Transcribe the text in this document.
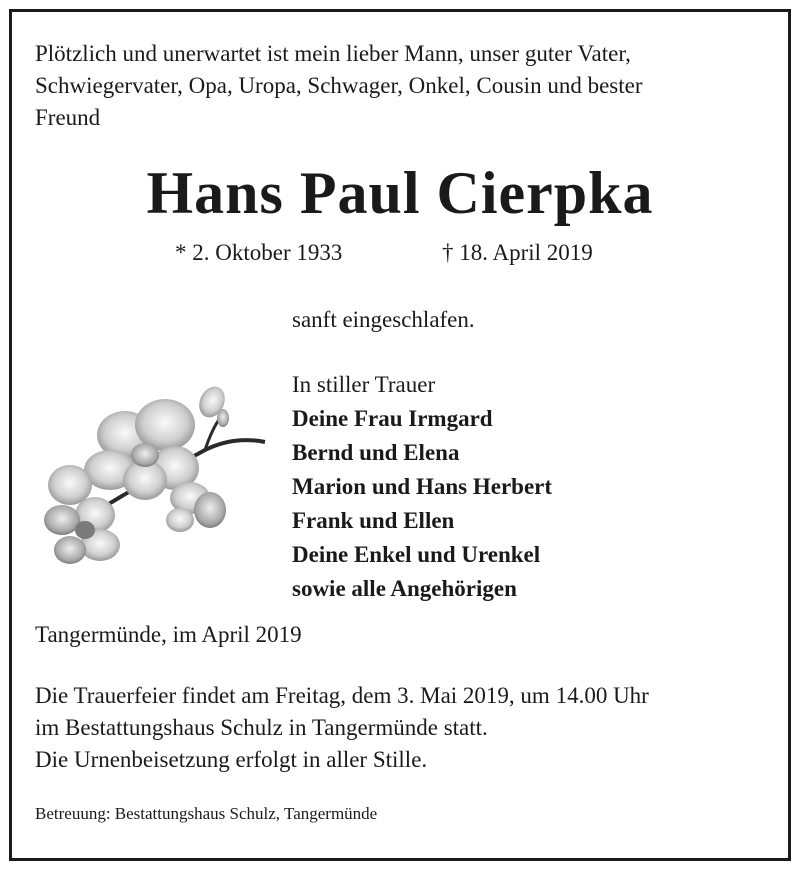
Plötzlich und unerwartet ist mein lieber Mann, unser guter Vater,
Schwiegervater, Opa, Uropa, Schwager, Onkel, Cousin und bester
Freund
Hans Paul Cierpka
* 2. Oktober 1933	† 18. April 2019
sanft eingeschlafen.
In stiller Trauer
Deine Frau Irmgard
Bernd und Elena
Marion und Hans Herbert
Frank und Ellen
Deine Enkel und Urenkel
sowie alle Angehörigen
Tangermünde, im April 2019
Die Trauerfeier findet am Freitag, dem 3. Mai 2019, um 14.00 Uhr
im Bestattungshaus Schulz in Tangermünde statt.
Die Urnenbeisetzung erfolgt in aller Stille.
Betreuung: Bestattungshaus Schulz, Tangermünde
